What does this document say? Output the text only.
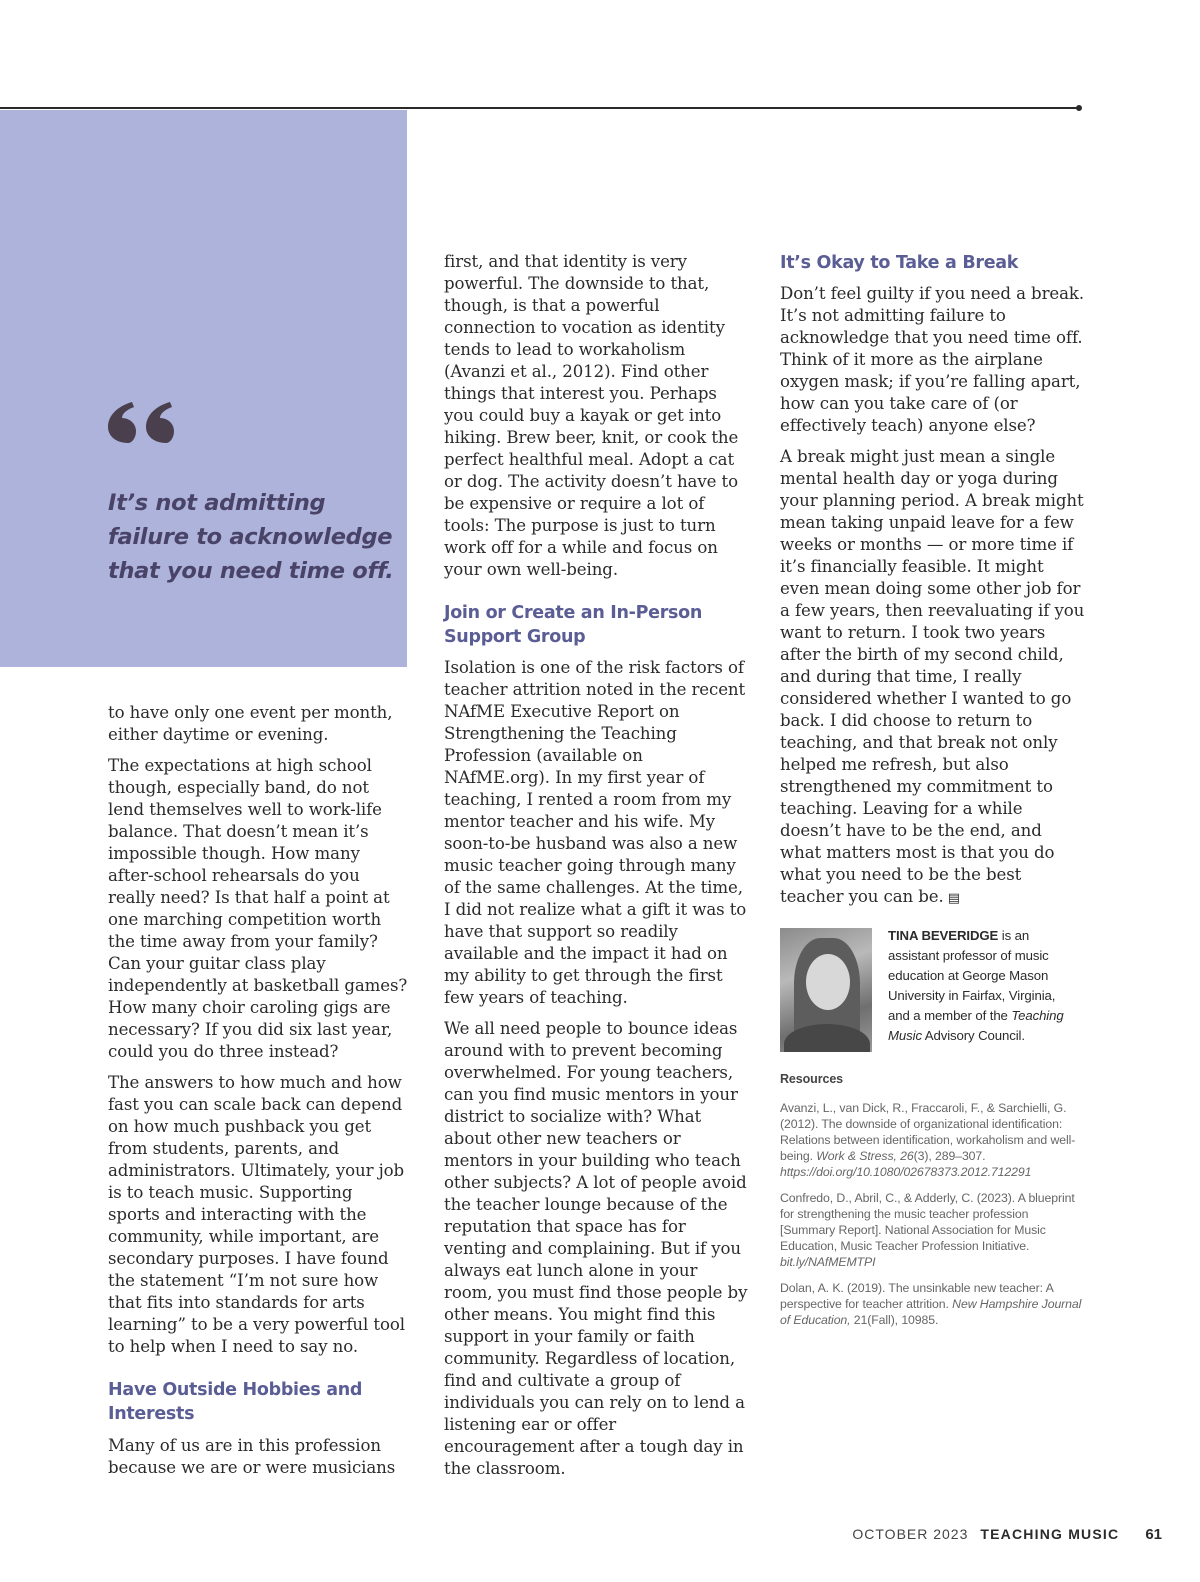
It’s not admitting failure to acknowledge that you need time off.

to have only one event per month, either daytime or evening.

The expectations at high school though, especially band, do not lend themselves well to work-life balance. That doesn’t mean it’s impossible though. How many after-school rehearsals do you really need? Is that half a point at one marching competition worth the time away from your family? Can your guitar class play independently at basketball games? How many choir caroling gigs are necessary? If you did six last year, could you do three instead?

The answers to how much and how fast you can scale back can depend on how much pushback you get from students, parents, and administrators. Ultimately, your job is to teach music. Supporting sports and interacting with the community, while important, are secondary purposes. I have found the statement “I’m not sure how that fits into standards for arts learning” to be a very powerful tool to help when I need to say no.

Have Outside Hobbies and Interests

Many of us are in this profession because we are or were musicians

first, and that identity is very powerful. The downside to that, though, is that a powerful connection to vocation as identity tends to lead to workaholism (Avanzi et al., 2012). Find other things that interest you. Perhaps you could buy a kayak or get into hiking. Brew beer, knit, or cook the perfect healthful meal. Adopt a cat or dog. The activity doesn’t have to be expensive or require a lot of tools: The purpose is just to turn work off for a while and focus on your own well-being.

Join or Create an In-Person Support Group

Isolation is one of the risk factors of teacher attrition noted in the recent NAfME Executive Report on Strengthening the Teaching Profession (available on NAfME.org). In my first year of teaching, I rented a room from my mentor teacher and his wife. My soon-to-be husband was also a new music teacher going through many of the same challenges. At the time, I did not realize what a gift it was to have that support so readily available and the impact it had on my ability to get through the first few years of teaching.

We all need people to bounce ideas around with to prevent becoming overwhelmed. For young teachers, can you find music mentors in your district to socialize with? What about other new teachers or mentors in your building who teach other subjects? A lot of people avoid the teacher lounge because of the reputation that space has for venting and complaining. But if you always eat lunch alone in your room, you must find those people by other means. You might find this support in your family or faith community. Regardless of location, find and cultivate a group of individuals you can rely on to lend a listening ear or offer encouragement after a tough day in the classroom.

It’s Okay to Take a Break

Don’t feel guilty if you need a break. It’s not admitting failure to acknowledge that you need time off. Think of it more as the airplane oxygen mask; if you’re falling apart, how can you take care of (or effectively teach) anyone else?

A break might just mean a single mental health day or yoga during your planning period. A break might mean taking unpaid leave for a few weeks or months — or more time if it’s financially feasible. It might even mean doing some other job for a few years, then reevaluating if you want to return. I took two years after the birth of my second child, and during that time, I really considered whether I wanted to go back. I did choose to return to teaching, and that break not only helped me refresh, but also strengthened my commitment to teaching. Leaving for a while doesn’t have to be the end, and what matters most is that you do what you need to be the best teacher you can be. ▤

TINA BEVERIDGE is an assistant professor of music education at George Mason University in Fairfax, Virginia, and a member of the Teaching Music Advisory Council.
Resources
Avanzi, L., van Dick, R., Fraccaroli, F., & Sarchielli, G. (2012). The downside of organizational identification: Relations between identification, workaholism and well-being. Work & Stress, 26(3), 289–307. https://doi.org/10.1080/02678373.2012.712291
Confredo, D., Abril, C., & Adderly, C. (2023). A blueprint for strengthening the music teacher profession [Summary Report]. National Association for Music Education, Music Teacher Profession Initiative. bit.ly/NAfMEMTPI
Dolan, A. K. (2019). The unsinkable new teacher: A perspective for teacher attrition. New Hampshire Journal of Education, 21(Fall), 10985.
OCTOBER 2023 TEACHING MUSIC 61
